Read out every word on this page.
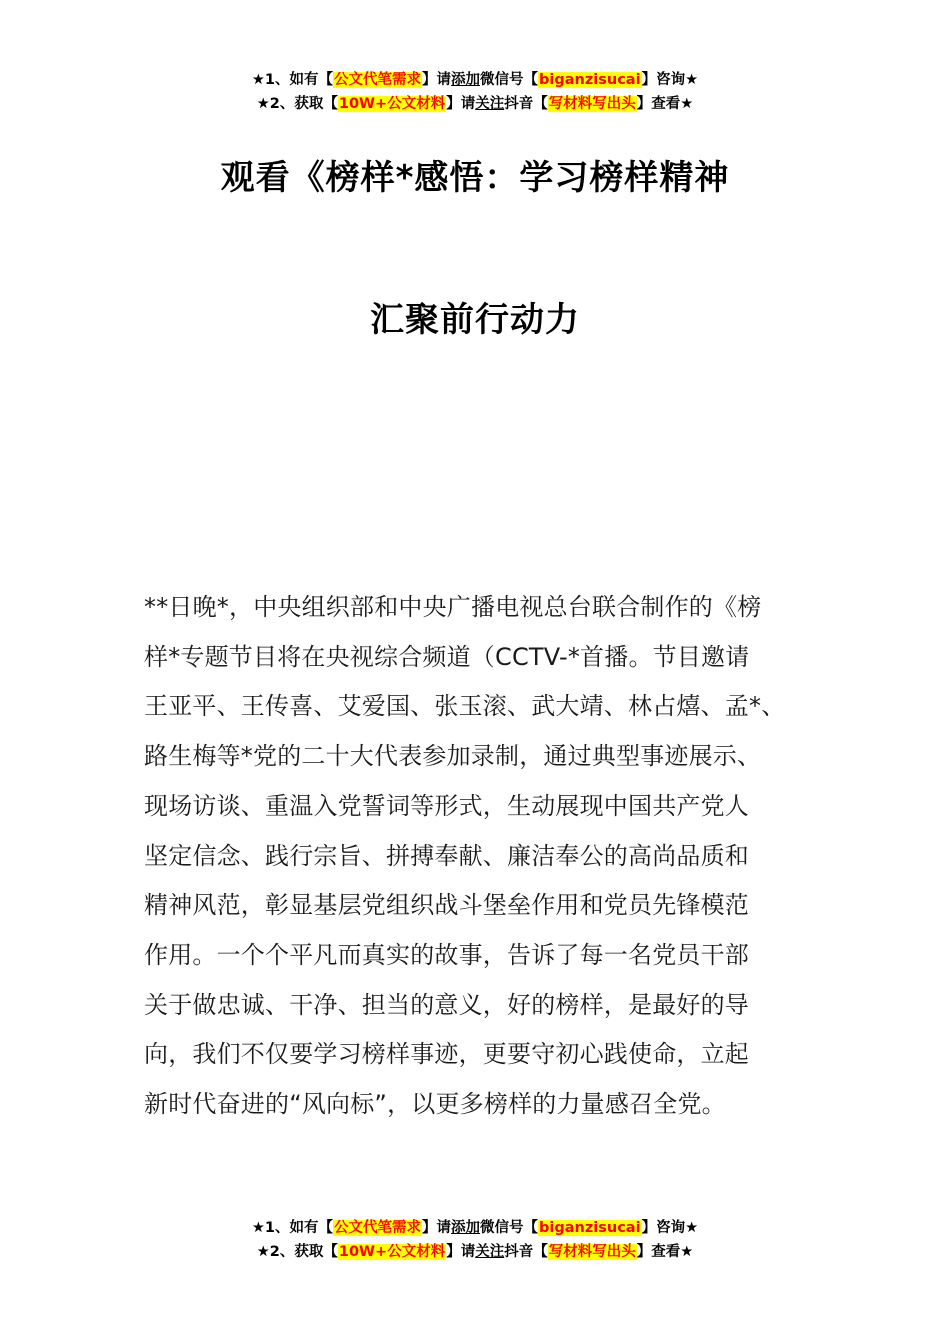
★1、如有【公文代笔需求】请添加微信号【biganzisucai】咨询★
★2、获取【10W+公文材料】请关注抖音【写材料写出头】查看★
观看《榜样*感悟：学习榜样精神
汇聚前行动力
**日晚*，中央组织部和中央广播电视总台联合制作的《榜
样*专题节目将在央视综合频道（CCTV-*首播。节目邀请
王亚平、王传喜、艾爱国、张玉滚、武大靖、林占熺、孟*、
路生梅等*党的二十大代表参加录制，通过典型事迹展示、
现场访谈、重温入党誓词等形式，生动展现中国共产党人
坚定信念、践行宗旨、拼搏奉献、廉洁奉公的高尚品质和
精神风范，彰显基层党组织战斗堡垒作用和党员先锋模范
作用。一个个平凡而真实的故事，告诉了每一名党员干部
关于做忠诚、干净、担当的意义，好的榜样，是最好的导
向，我们不仅要学习榜样事迹，更要守初心践使命，立起
新时代奋进的“风向标”，以更多榜样的力量感召全党。
★1、如有【公文代笔需求】请添加微信号【biganzisucai】咨询★
★2、获取【10W+公文材料】请关注抖音【写材料写出头】查看★
